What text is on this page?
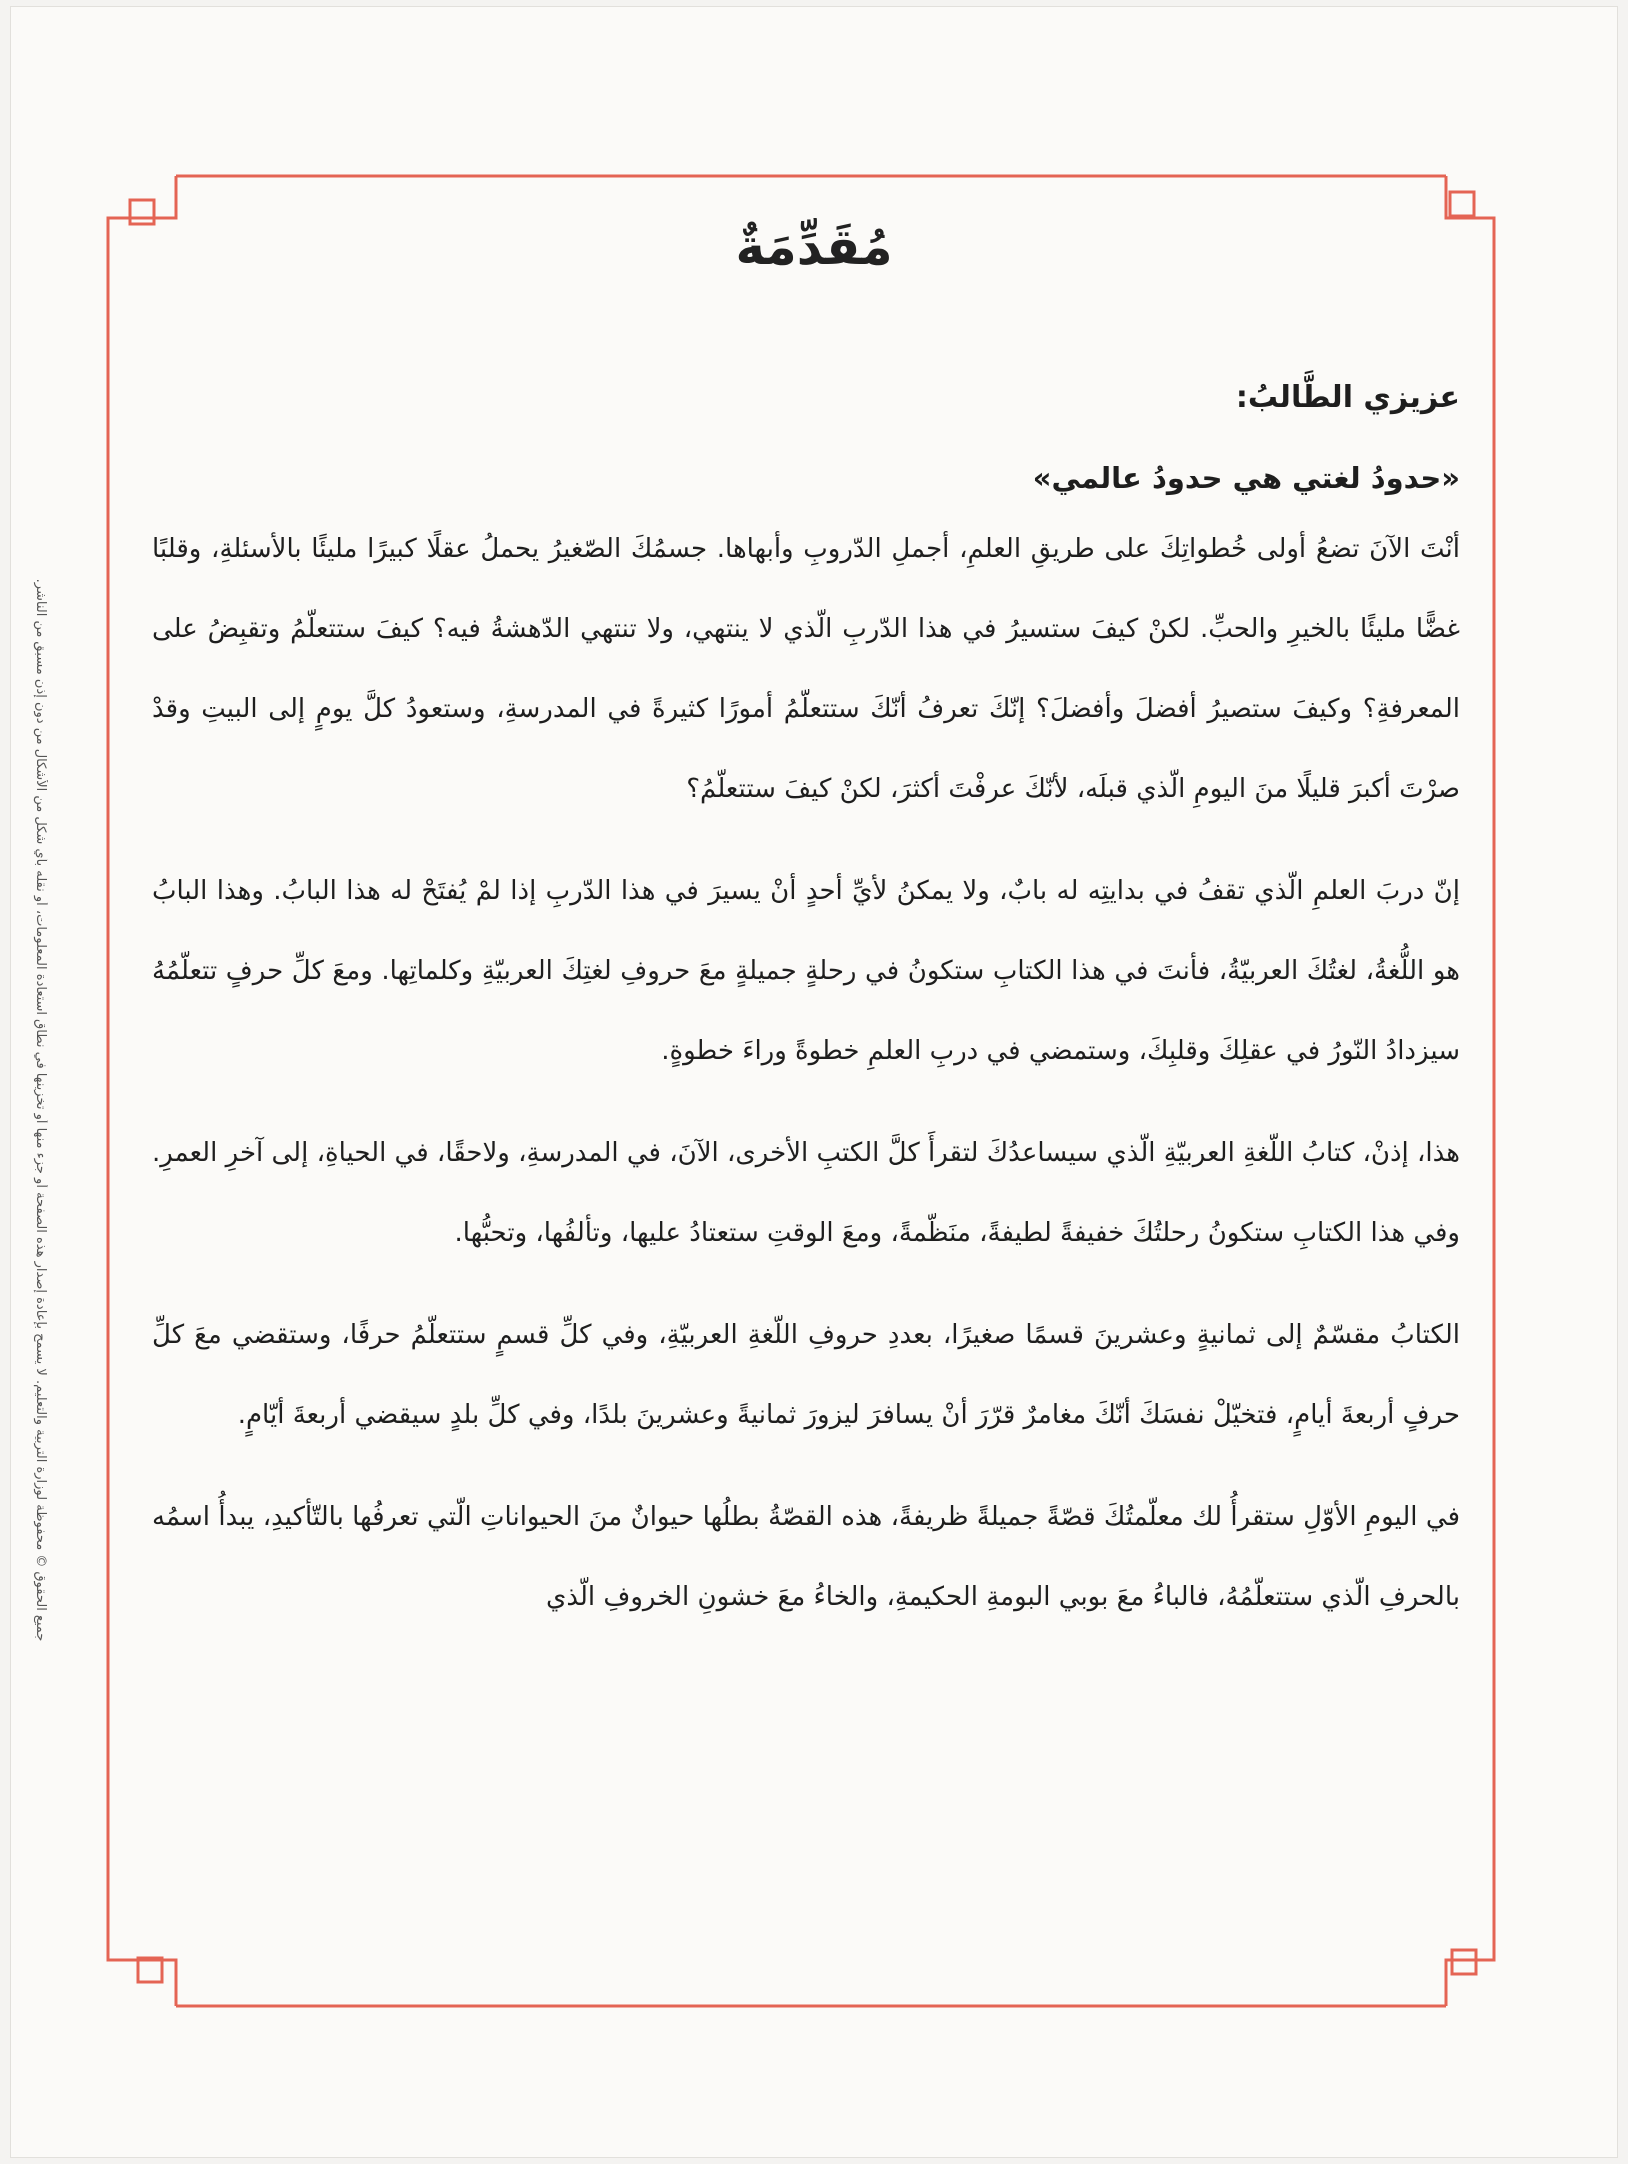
جميع الحقوق © محفوظة لوزارة التربية والتعليم. لا يسمح بإعادة إصدار هذه الصفحة أو جزء منها أو تخزينها في نطاق استعادة المعلومات، أو نقله بأي شكل من الأشكال من دون إذن مسبق من الناشر.
مُقَدِّمَةٌ

عزيزي الطَّالبُ:

«حدودُ لغتي هي حدودُ عالمي»

أنْتَ الآنَ تضعُ أولى خُطواتِكَ على طريقِ العلمِ، أجملِ الدّروبِ وأبهاها. جسمُكَ الصّغيرُ يحملُ عقلًا كبيرًا مليئًا بالأسئلةِ، وقلبًا غضًّا مليئًا بالخيرِ والحبِّ. لكنْ كيفَ ستسيرُ في هذا الدّربِ الّذي لا ينتهي، ولا تنتهي الدّهشةُ فيه؟ كيفَ ستتعلّمُ وتقبِضُ على المعرفةِ؟ وكيفَ ستصيرُ أفضلَ وأفضلَ؟ إنّكَ تعرفُ أنّكَ ستتعلّمُ أمورًا كثيرةً في المدرسةِ، وستعودُ كلَّ يومٍ إلى البيتِ وقدْ صرْتَ أكبرَ قليلًا منَ اليومِ الّذي قبلَه، لأنّكَ عرفْتَ أكثرَ، لكنْ كيفَ ستتعلّمُ؟

إنّ دربَ العلمِ الّذي تقفُ في بدايتِه له بابٌ، ولا يمكنُ لأيِّ أحدٍ أنْ يسيرَ في هذا الدّربِ إذا لمْ يُفتَحْ له هذا البابُ. وهذا البابُ هو اللُّغةُ، لغتُكَ العربيّةُ، فأنتَ في هذا الكتابِ ستكونُ في رحلةٍ جميلةٍ معَ حروفِ لغتِكَ العربيّةِ وكلماتِها. ومعَ كلِّ حرفٍ تتعلّمُهُ سيزدادُ النّورُ في عقلِكَ وقلبِكَ، وستمضي في دربِ العلمِ خطوةً وراءَ خطوةٍ.

هذا، إذنْ، كتابُ اللّغةِ العربيّةِ الّذي سيساعدُكَ لتقرأَ كلَّ الكتبِ الأخرى، الآنَ، في المدرسةِ، ولاحقًا، في الحياةِ، إلى آخرِ العمرِ. وفي هذا الكتابِ ستكونُ رحلتُكَ خفيفةً لطيفةً، منَظّمةً، ومعَ الوقتِ ستعتادُ عليها، وتألفُها، وتحبُّها.

الكتابُ مقسّمٌ إلى ثمانيةٍ وعشرينَ قسمًا صغيرًا، بعددِ حروفِ اللّغةِ العربيّةِ، وفي كلِّ قسمٍ ستتعلّمُ حرفًا، وستقضي معَ كلِّ حرفٍ أربعةَ أيامٍ، فتخيّلْ نفسَكَ أنّكَ مغامرٌ قرّرَ أنْ يسافرَ ليزورَ ثمانيةً وعشرينَ بلدًا، وفي كلِّ بلدٍ سيقضي أربعةَ أيّامٍ.

في اليومِ الأوّلِ ستقرأُ لك معلّمتُكَ قصّةً جميلةً ظريفةً، هذه القصّةُ بطلُها حيوانٌ منَ الحيواناتِ الّتي تعرفُها بالتّأكيدِ، يبدأُ اسمُه بالحرفِ الّذي ستتعلّمُهُ، فالباءُ معَ بوبي البومةِ الحكيمةِ، والخاءُ معَ خشونِ الخروفِ الّذي
